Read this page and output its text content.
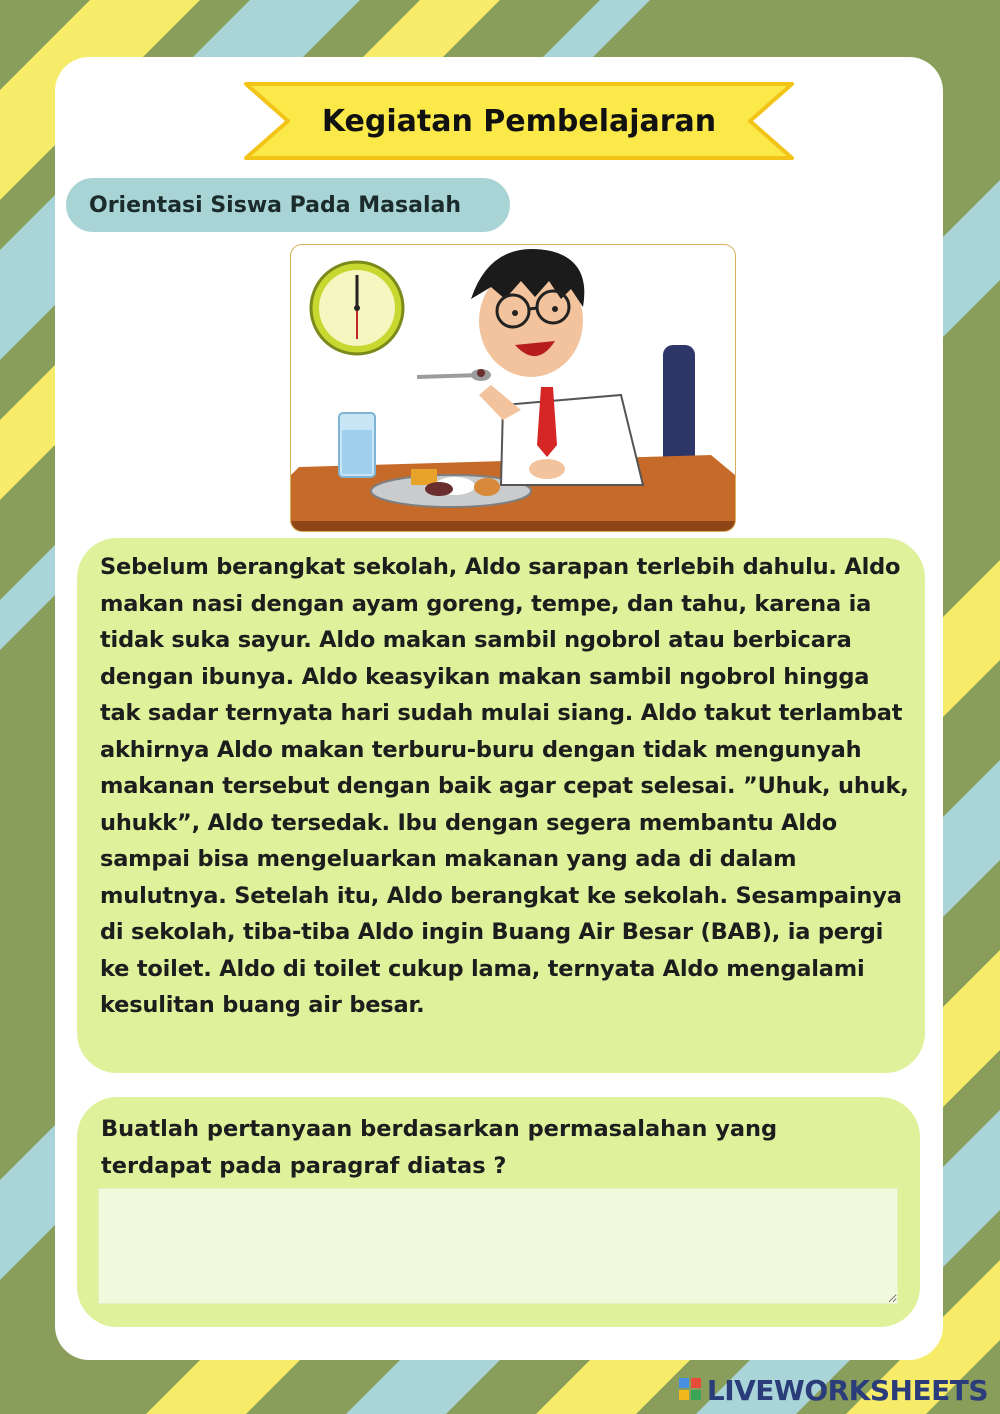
Kegiatan Pembelajaran
Orientasi Siswa Pada Masalah

Sebelum berangkat sekolah, Aldo sarapan terlebih dahulu. Aldo makan nasi dengan ayam goreng, tempe, dan tahu, karena ia tidak suka sayur. Aldo makan sambil ngobrol atau berbicara dengan ibunya. Aldo keasyikan makan sambil ngobrol hingga tak sadar ternyata hari sudah mulai siang. Aldo takut terlambat akhirnya Aldo makan terburu-buru dengan tidak mengunyah makanan tersebut dengan baik agar cepat selesai. ”Uhuk, uhuk, uhukk”, Aldo tersedak. Ibu dengan segera membantu Aldo sampai bisa mengeluarkan makanan yang ada di dalam mulutnya. Setelah itu, Aldo berangkat ke sekolah. Sesampainya di sekolah, tiba-tiba Aldo ingin Buang Air Besar (BAB), ia pergi ke toilet. Aldo di toilet cukup lama, ternyata Aldo mengalami kesulitan buang air besar.

Buatlah pertanyaan berdasarkan permasalahan yang terdapat pada paragraf diatas ?

LIVEWORKSHEETS
